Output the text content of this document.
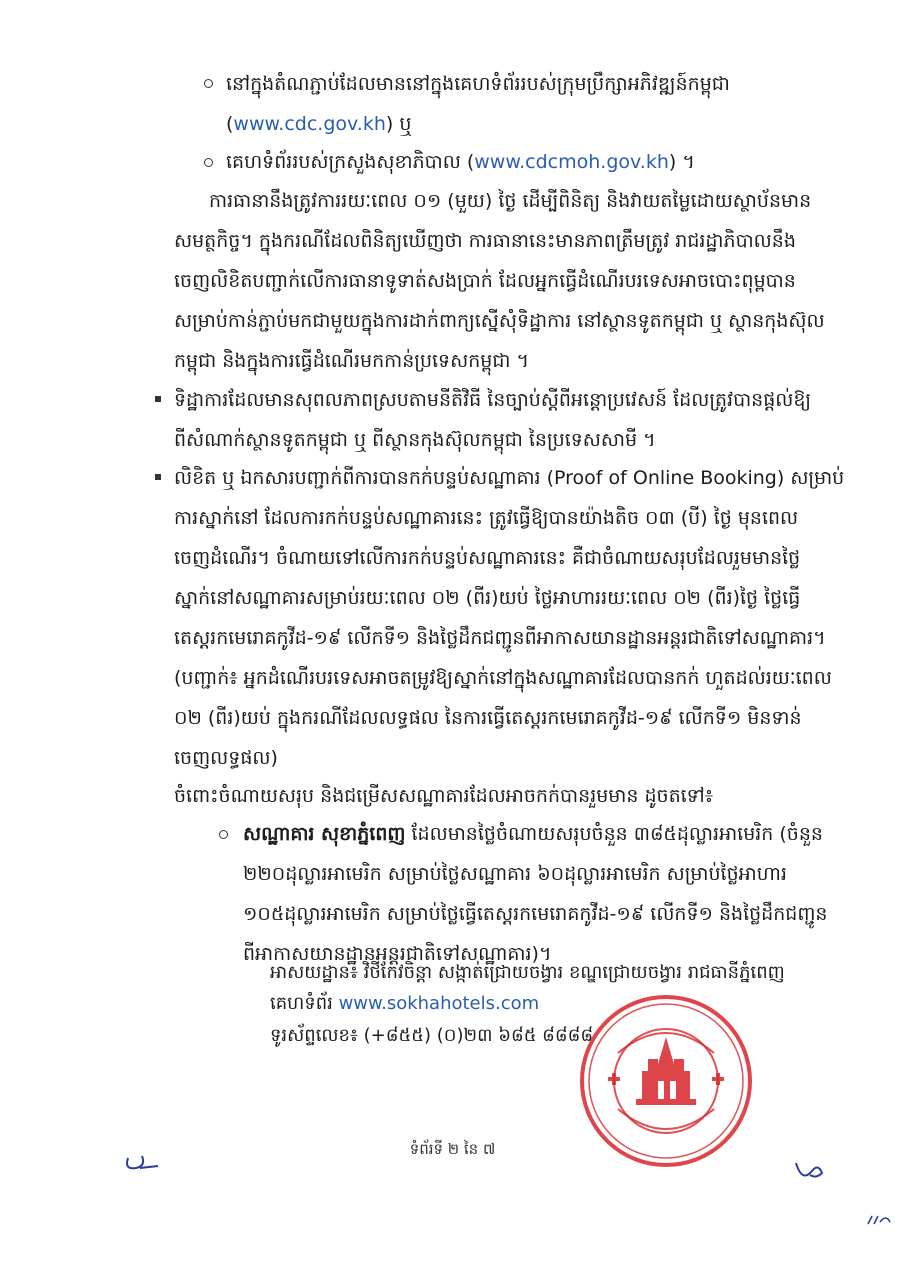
នៅក្នុងតំណភ្ជាប់ដែលមាននៅក្នុងគេហទំព័ររបស់ក្រុមប្រឹក្សាអភិវឌ្ឍន៍កម្ពុជា
(www.cdc.gov.kh) ឬ
គេហទំព័ររបស់ក្រសួងសុខាភិបាល (www.cdcmoh.gov.kh) ។
ការធានានឹងត្រូវការរយៈពេល ០១ (មួយ) ថ្ងៃ ដើម្បីពិនិត្យ និងវាយតម្លៃដោយស្ថាប័នមាន
សមត្ថកិច្ច។ ក្នុងករណីដែលពិនិត្យឃើញថា ការធានានេះមានភាពត្រឹមត្រូវ រាជរដ្ឋាភិបាលនឹង
ចេញលិខិតបញ្ជាក់លើការធានាទូទាត់សងប្រាក់ ដែលអ្នកធ្វើដំណើរបរទេសអាចបោះពុម្ពបាន
សម្រាប់កាន់ភ្ជាប់មកជាមួយក្នុងការដាក់ពាក្យស្នើសុំទិដ្ឋាការ នៅស្ថានទូតកម្ពុជា ឬ ស្ថានកុងស៊ុល
កម្ពុជា និងក្នុងការធ្វើដំណើរមកកាន់ប្រទេសកម្ពុជា ។
ទិដ្ឋាការដែលមានសុពលភាពស្របតាមនីតិវិធី នៃច្បាប់ស្តីពីអន្តោប្រវេសន៍ ដែលត្រូវបានផ្តល់ឱ្យ
ពីសំណាក់ស្ថានទូតកម្ពុជា ឬ ពីស្ថានកុងស៊ុលកម្ពុជា នៃប្រទេសសាមី ។
លិខិត ឬ ឯកសារបញ្ជាក់ពីការបានកក់បន្ទប់សណ្ឋាគារ (Proof of Online Booking) សម្រាប់
ការស្នាក់នៅ ដែលការកក់បន្ទប់សណ្ឋាគារនេះ ត្រូវធ្វើឱ្យបានយ៉ាងតិច ០៣ (បី) ថ្ងៃ មុនពេល
ចេញដំណើរ។ ចំណាយទៅលើការកក់បន្ទប់សណ្ឋាគារនេះ គឺជាចំណាយសរុបដែលរួមមានថ្លៃ
ស្នាក់នៅសណ្ឋាគារសម្រាប់រយៈពេល ០២ (ពីរ)យប់ ថ្លៃអាហាររយៈពេល ០២ (ពីរ)ថ្ងៃ ថ្លៃធ្វើ
តេស្តរកមេរោគកូវីដ-១៩ លើកទី១ និងថ្លៃដឹកជញ្ជូនពីអាកាសយានដ្ឋានអន្តរជាតិទៅសណ្ឋាគារ។
(បញ្ជាក់៖ អ្នកដំណើរបរទេសអាចតម្រូវឱ្យស្នាក់នៅក្នុងសណ្ឋាគារដែលបានកក់ ហួតដល់រយៈពេល
០២ (ពីរ)យប់ ក្នុងករណីដែលលទ្ធផល នៃការធ្វើតេស្តរកមេរោគកូវីដ-១៩ លើកទី១ មិនទាន់
ចេញលទ្ធផល)
ចំពោះចំណាយសរុប និងជម្រើសសណ្ឋាគារដែលអាចកក់បានរួមមាន ដូចតទៅ៖
សណ្ឋាគារ សុខាភ្នំពេញ ដែលមានថ្លៃចំណាយសរុបចំនួន ៣៨៥ដុល្លារអាមេរិក (ចំនួន
២២០ដុល្លារអាមេរិក សម្រាប់ថ្លៃសណ្ឋាគារ ៦០ដុល្លារអាមេរិក សម្រាប់ថ្លៃអាហារ
១០៥ដុល្លារអាមេរិក សម្រាប់ថ្លៃធ្វើតេស្តរកមេរោគកូវីដ-១៩ លើកទី១ និងថ្លៃដឹកជញ្ជូន
ពីអាកាសយានដ្ឋានអន្តរជាតិទៅសណ្ឋាគារ)។
អាសយដ្ឋាន៖ វិថីកែវចិន្ដា សង្កាត់ជ្រោយចង្វារ ខណ្ឌជ្រោយចង្វារ រាជធានីភ្នំពេញ
គេហទំព័រ www.sokhahotels.com
ទូរស័ព្ទលេខ៖ (+៨៥៥) (០)២៣ ៦៨៥ ៨៨៨៨
ទំព័រទី ២ នៃ ៧
